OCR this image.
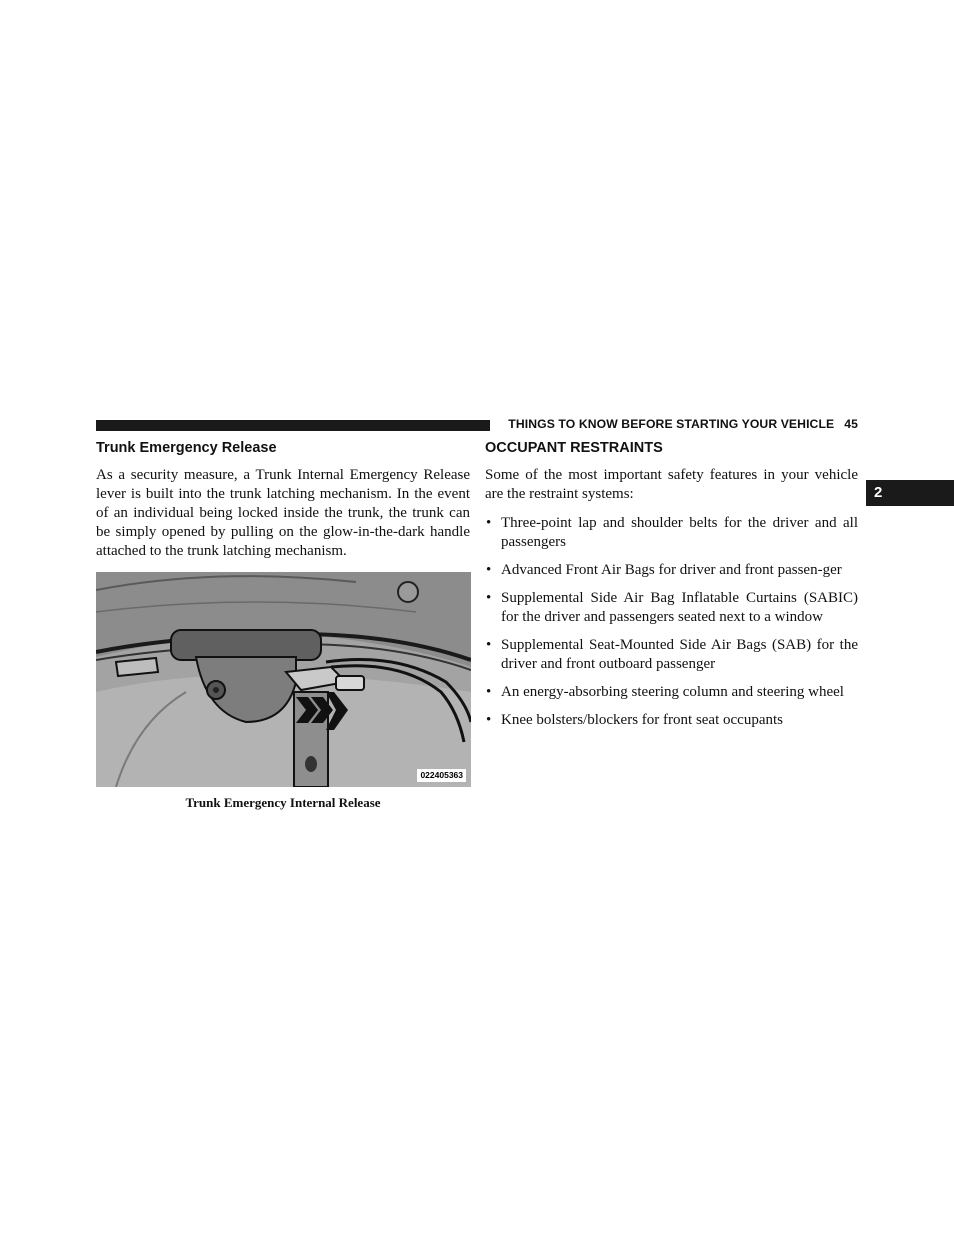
THINGS TO KNOW BEFORE STARTING YOUR VEHICLE 45
2
Trunk Emergency Release

As a security measure, a Trunk Internal Emergency Release lever is built into the trunk latching mechanism. In the event of an individual being locked inside the trunk, the trunk can be simply opened by pulling on the glow-in-the-dark handle attached to the trunk latching mechanism.

022405363
Trunk Emergency Internal Release
OCCUPANT RESTRAINTS

Some of the most important safety features in your vehicle are the restraint systems:

• Three-point lap and shoulder belts for the driver and all passengers
• Advanced Front Air Bags for driver and front passen-ger
• Supplemental Side Air Bag Inflatable Curtains (SABIC) for the driver and passengers seated next to a window
• Supplemental Seat-Mounted Side Air Bags (SAB) for the driver and front outboard passenger
• An energy-absorbing steering column and steering wheel
• Knee bolsters/blockers for front seat occupants
